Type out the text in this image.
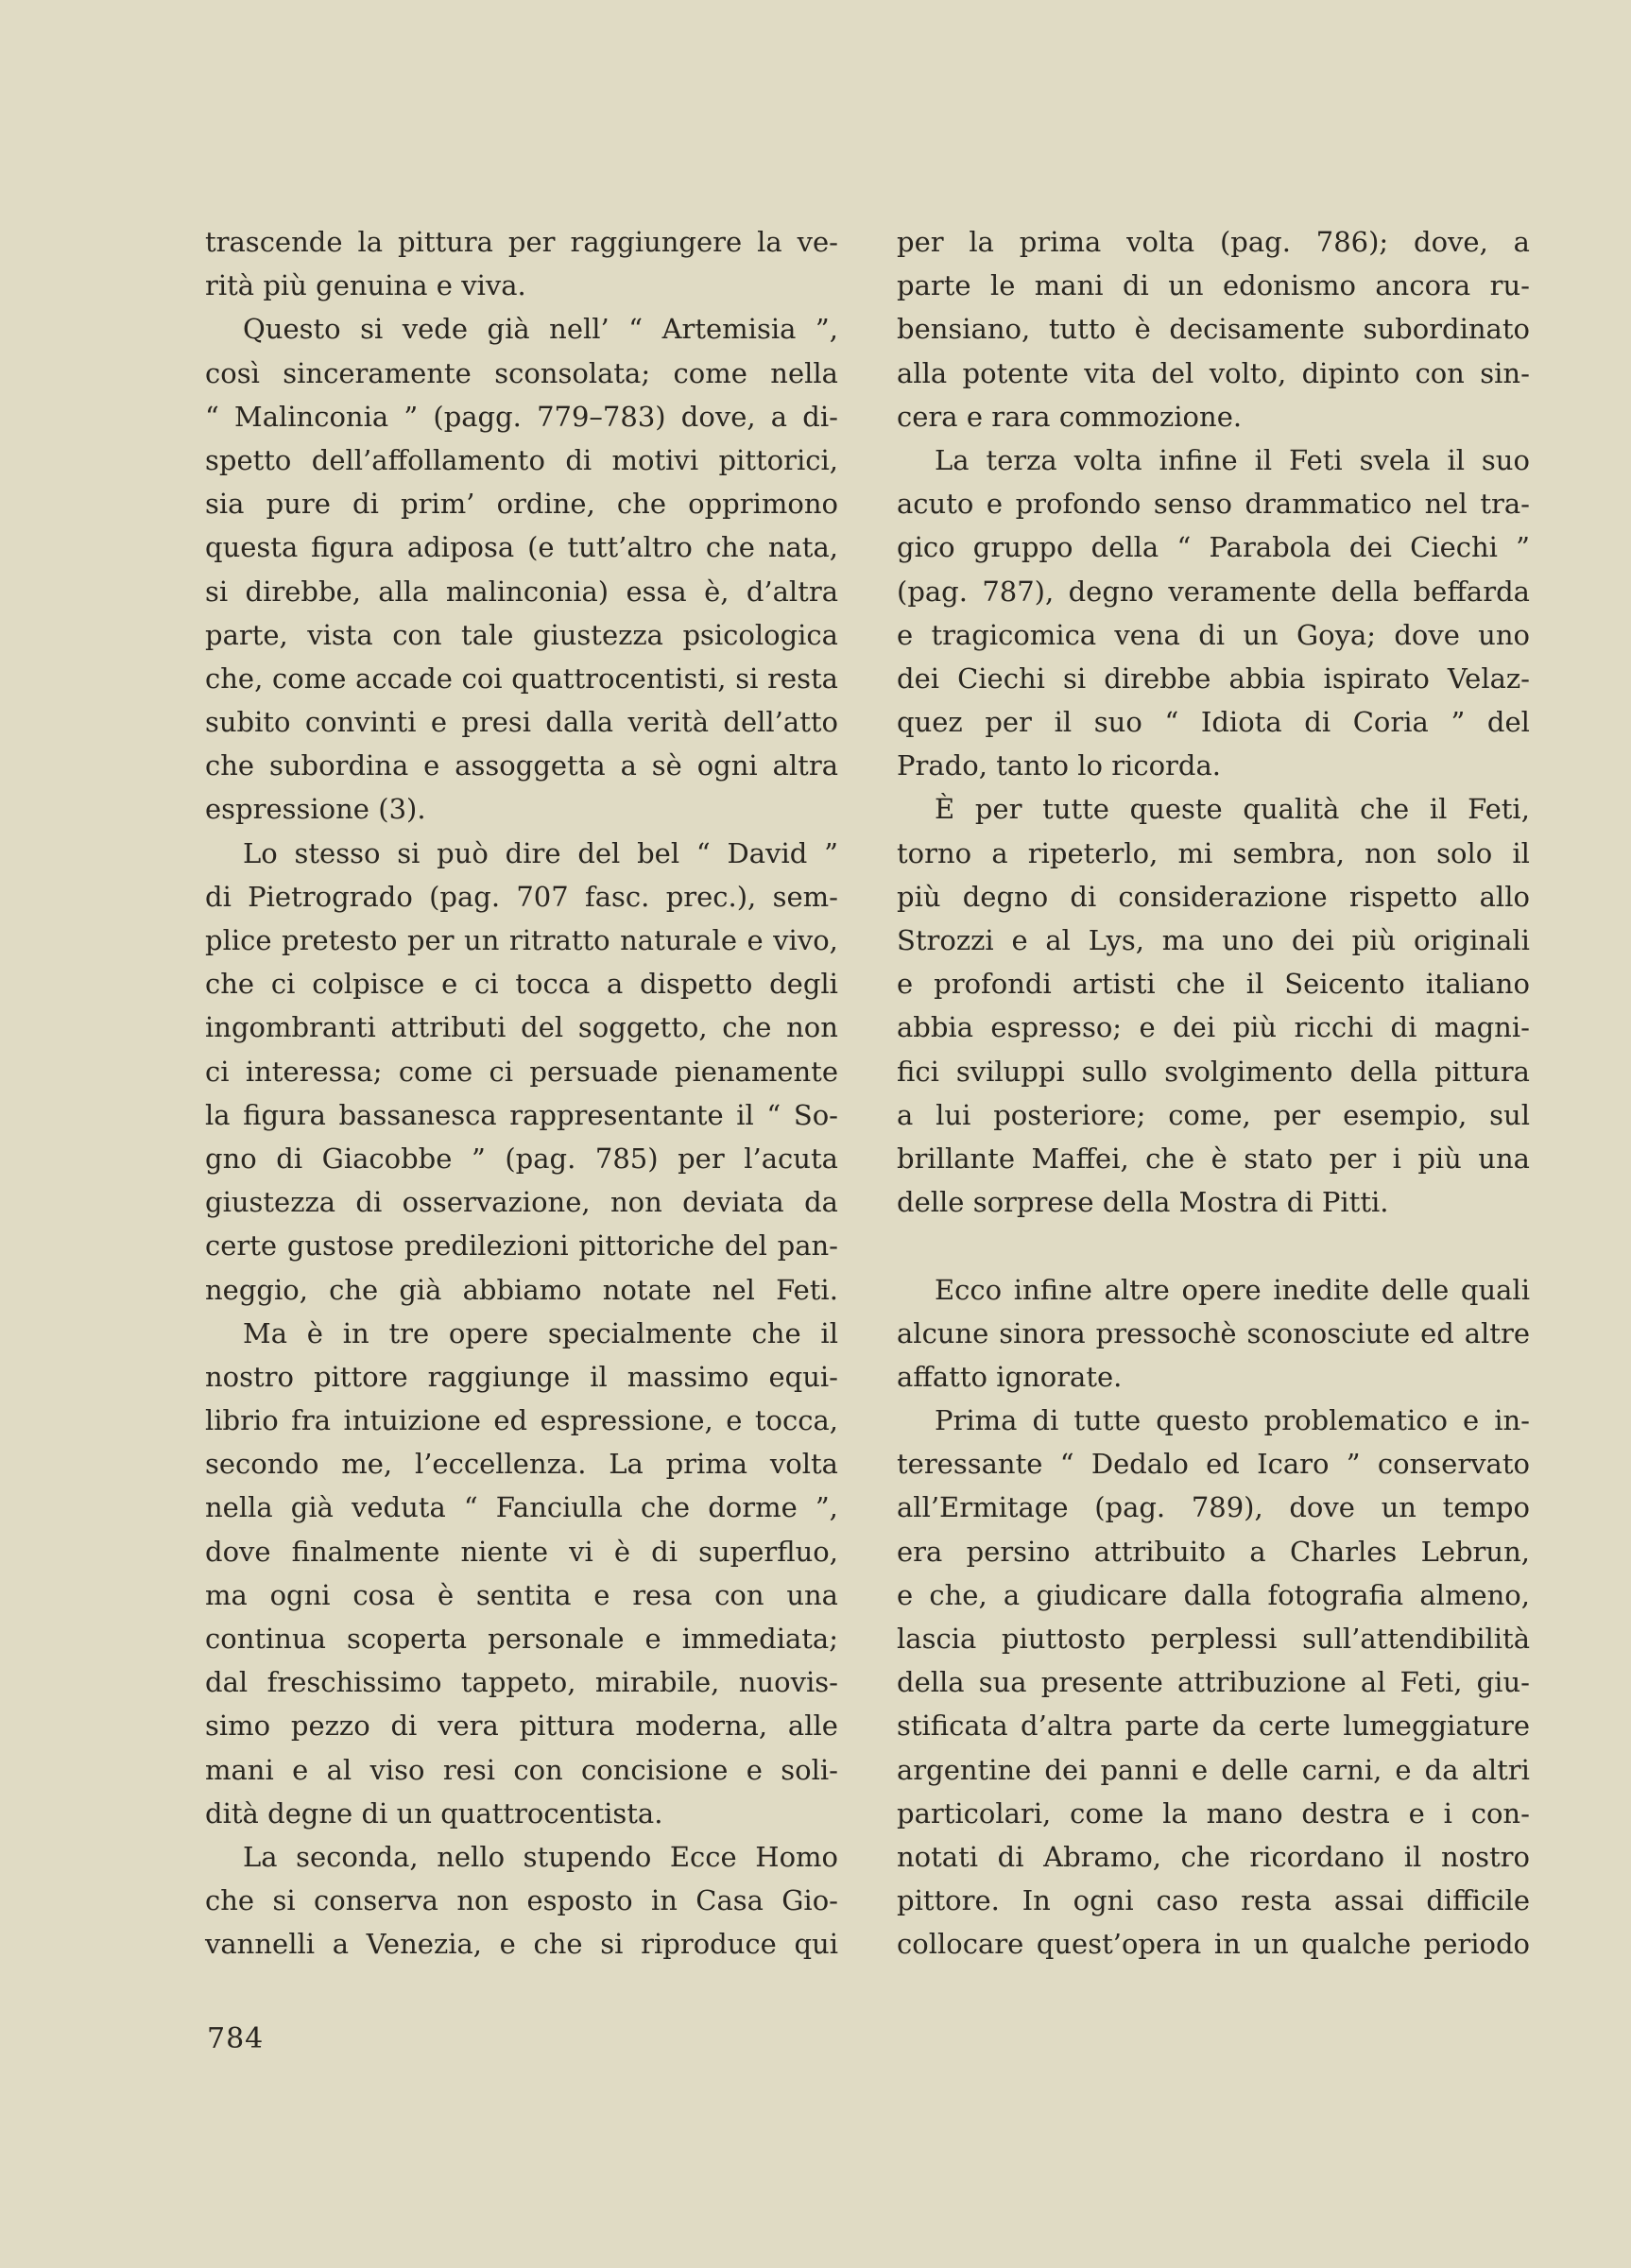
trascende la pittura per raggiungere la ve-
rità più genuina e viva.
Questo si vede già nell’ “ Artemisia ”,
così sinceramente sconsolata; come nella
“ Malinconia ” (pagg. 779–783) dove, a di-
spetto dell’affollamento di motivi pittorici,
sia pure di prim’ ordine, che opprimono
questa figura adiposa (e tutt’altro che nata,
si direbbe, alla malinconia) essa è, d’altra
parte, vista con tale giustezza psicologica
che, come accade coi quattrocentisti, si resta
subito convinti e presi dalla verità dell’atto
che subordina e assoggetta a sè ogni altra
espressione (3).
Lo stesso si può dire del bel “ David ”
di Pietrogrado (pag. 707 fasc. prec.), sem-
plice pretesto per un ritratto naturale e vivo,
che ci colpisce e ci tocca a dispetto degli
ingombranti attributi del soggetto, che non
ci interessa; come ci persuade pienamente
la figura bassanesca rappresentante il “ So-
gno di Giacobbe ” (pag. 785) per l’acuta
giustezza di osservazione, non deviata da
certe gustose predilezioni pittoriche del pan-
neggio, che già abbiamo notate nel Feti.
Ma è in tre opere specialmente che il
nostro pittore raggiunge il massimo equi-
librio fra intuizione ed espressione, e tocca,
secondo me, l’eccellenza. La prima volta
nella già veduta “ Fanciulla che dorme ”,
dove finalmente niente vi è di superfluo,
ma ogni cosa è sentita e resa con una
continua scoperta personale e immediata;
dal freschissimo tappeto, mirabile, nuovis-
simo pezzo di vera pittura moderna, alle
mani e al viso resi con concisione e soli-
dità degne di un quattrocentista.
La seconda, nello stupendo Ecce Homo
che si conserva non esposto in Casa Gio-
vannelli a Venezia, e che si riproduce qui
per la prima volta (pag. 786); dove, a
parte le mani di un edonismo ancora ru-
bensiano, tutto è decisamente subordinato
alla potente vita del volto, dipinto con sin-
cera e rara commozione.
La terza volta infine il Feti svela il suo
acuto e profondo senso drammatico nel tra-
gico gruppo della “ Parabola dei Ciechi ”
(pag. 787), degno veramente della beffarda
e tragicomica vena di un Goya; dove uno
dei Ciechi si direbbe abbia ispirato Velaz-
quez per il suo “ Idiota di Coria ” del
Prado, tanto lo ricorda.
È per tutte queste qualità che il Feti,
torno a ripeterlo, mi sembra, non solo il
più degno di considerazione rispetto allo
Strozzi e al Lys, ma uno dei più originali
e profondi artisti che il Seicento italiano
abbia espresso; e dei più ricchi di magni-
fici sviluppi sullo svolgimento della pittura
a lui posteriore; come, per esempio, sul
brillante Maffei, che è stato per i più una
delle sorprese della Mostra di Pitti.
Ecco infine altre opere inedite delle quali
alcune sinora pressochè sconosciute ed altre
affatto ignorate.
Prima di tutte questo problematico e in-
teressante “ Dedalo ed Icaro ” conservato
all’Ermitage (pag. 789), dove un tempo
era persino attribuito a Charles Lebrun,
e che, a giudicare dalla fotografia almeno,
lascia piuttosto perplessi sull’attendibilità
della sua presente attribuzione al Feti, giu-
stificata d’altra parte da certe lumeggiature
argentine dei panni e delle carni, e da altri
particolari, come la mano destra e i con-
notati di Abramo, che ricordano il nostro
pittore. In ogni caso resta assai difficile
collocare quest’opera in un qualche periodo
784
